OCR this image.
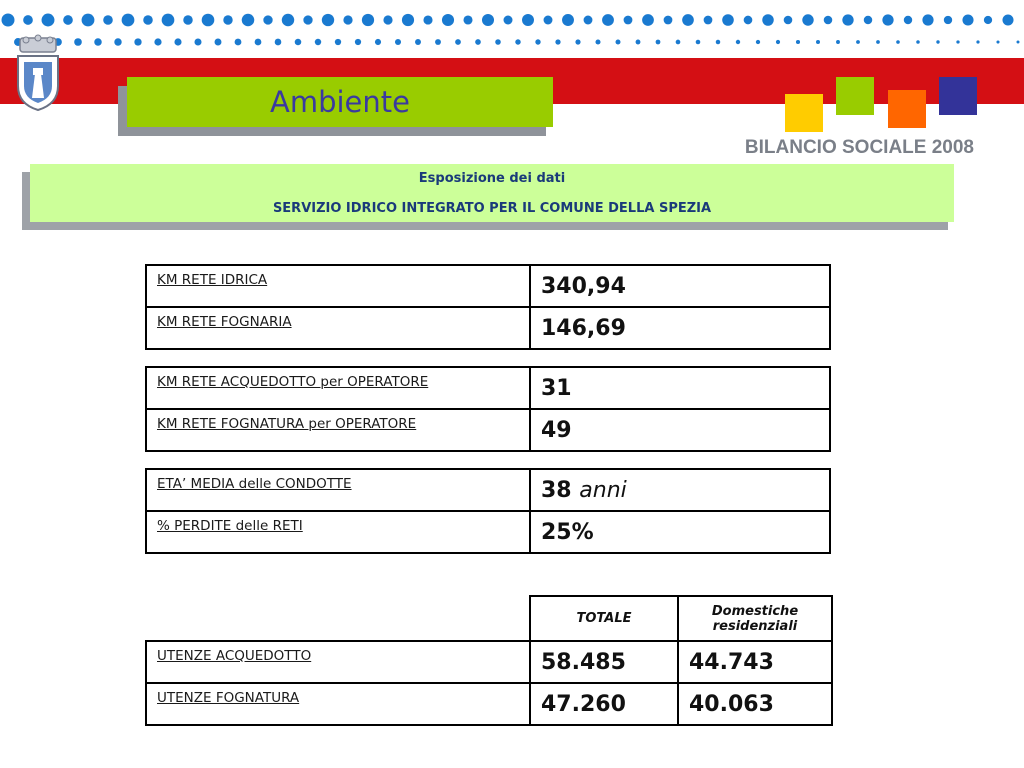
Ambiente
BILANCIO SOCIALE 2008
Esposizione dei dati
SERVIZIO IDRICO INTEGRATO PER IL COMUNE DELLA SPEZIA
KM RETE IDRICA	340,94
KM RETE FOGNARIA	146,69
KM RETE ACQUEDOTTO per OPERATORE	31
KM RETE FOGNATURA per OPERATORE	49
ETA’ MEDIA delle CONDOTTE	38 anni
% PERDITE delle RETI	25%
	TOTALE	Domestiche residenziali
UTENZE ACQUEDOTTO	58.485	44.743
UTENZE FOGNATURA	47.260	40.063
